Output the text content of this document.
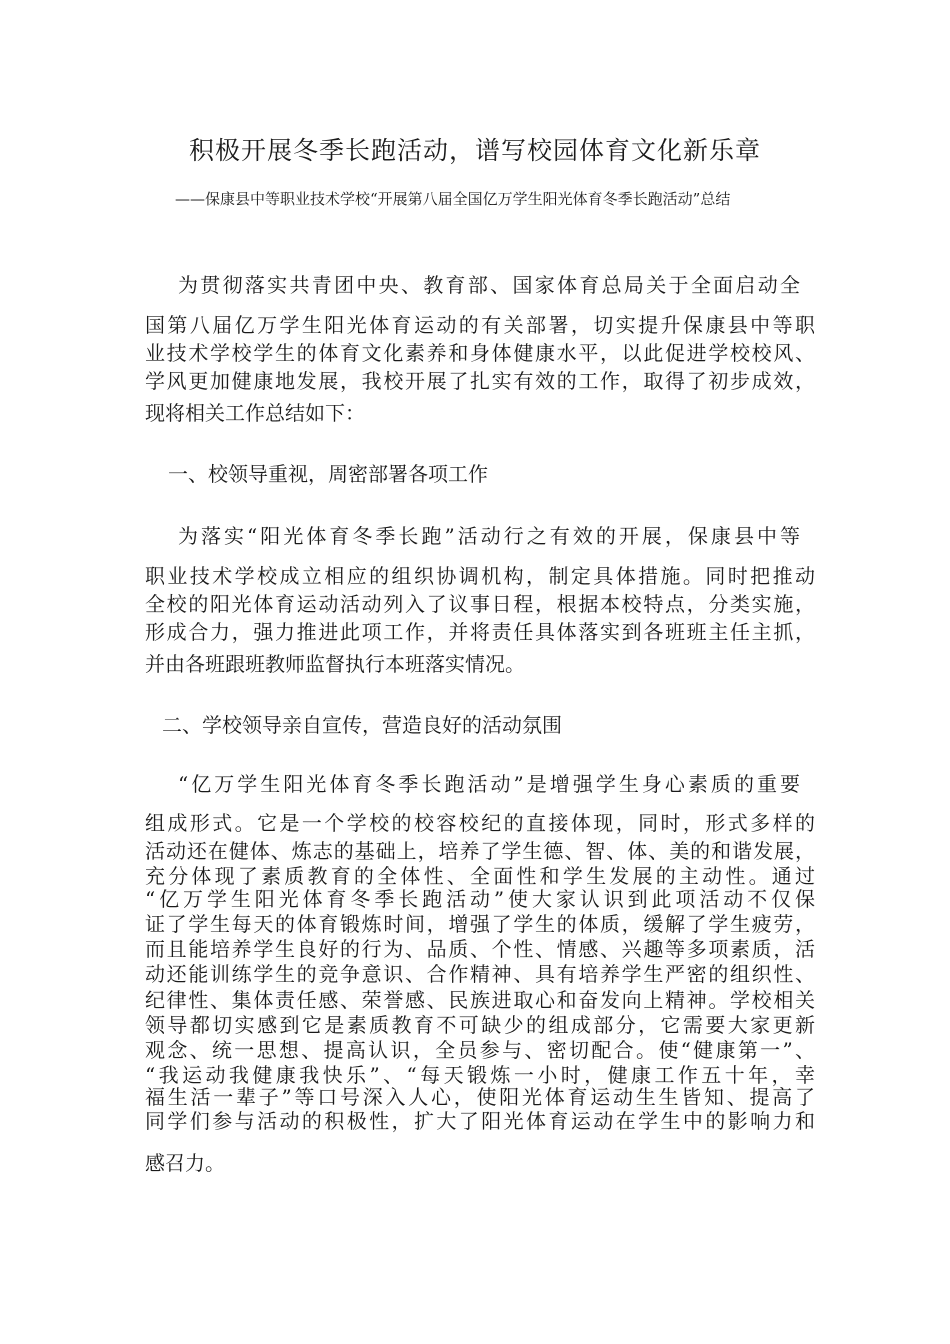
积极开展冬季长跑活动，谱写校园体育文化新乐章
——保康县中等职业技术学校“开展第八届全国亿万学生阳光体育冬季长跑活动”总结
为贯彻落实共青团中央、教育部、国家体育总局关于全面启动全
国第八届亿万学生阳光体育运动的有关部署，切实提升保康县中等职
业技术学校学生的体育文化素养和身体健康水平，以此促进学校校风、
学风更加健康地发展，我校开展了扎实有效的工作，取得了初步成效，
现将相关工作总结如下：
一、校领导重视，周密部署各项工作
为落实“阳光体育冬季长跑”活动行之有效的开展，保康县中等
职业技术学校成立相应的组织协调机构，制定具体措施。同时把推动
全校的阳光体育运动活动列入了议事日程，根据本校特点，分类实施，
形成合力，强力推进此项工作，并将责任具体落实到各班班主任主抓，
并由各班跟班教师监督执行本班落实情况。
二、学校领导亲自宣传，营造良好的活动氛围
“亿万学生阳光体育冬季长跑活动”是增强学生身心素质的重要
组成形式。它是一个学校的校容校纪的直接体现，同时，形式多样的
活动还在健体、炼志的基础上，培养了学生德、智、体、美的和谐发展，
充分体现了素质教育的全体性、全面性和学生发展的主动性。通过
“亿万学生阳光体育冬季长跑活动”使大家认识到此项活动不仅保
证了学生每天的体育锻炼时间，增强了学生的体质，缓解了学生疲劳，
而且能培养学生良好的行为、品质、个性、情感、兴趣等多项素质，活
动还能训练学生的竞争意识、合作精神、具有培养学生严密的组织性、
纪律性、集体责任感、荣誉感、民族进取心和奋发向上精神。学校相关
领导都切实感到它是素质教育不可缺少的组成部分，它需要大家更新
观念、统一思想、提高认识，全员参与、密切配合。使“健康第一”、
“我运动我健康我快乐”、“每天锻炼一小时，健康工作五十年，幸
福生活一辈子”等口号深入人心，使阳光体育运动生生皆知、提高了
同学们参与活动的积极性，扩大了阳光体育运动在学生中的影响力和
感召力。
